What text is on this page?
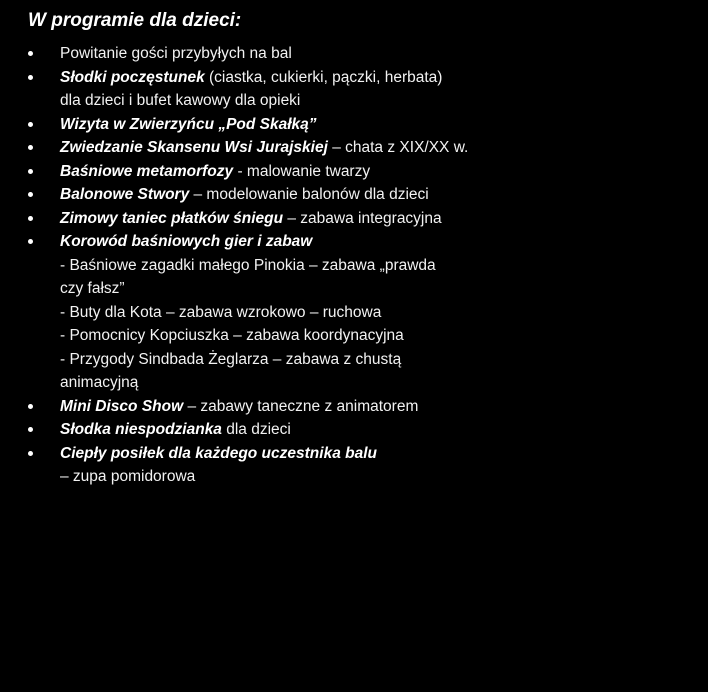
W programie dla dzieci:
Powitanie gości przybyłych na bal
Słodki poczęstunek (ciastka, cukierki, pączki, herbata)
dla dzieci i bufet kawowy dla opieki
Wizyta w Zwierzyńcu „Pod Skałką”
Zwiedzanie Skansenu Wsi Jurajskiej – chata z XIX/XX w.
Baśniowe metamorfozy - malowanie twarzy
Balonowe Stwory – modelowanie balonów dla dzieci
Zimowy taniec płatków śniegu – zabawa integracyjna
Korowód baśniowych gier i zabaw
- Baśniowe zagadki małego Pinokia – zabawa „prawda
czy fałsz”
- Buty dla Kota – zabawa wzrokowo – ruchowa
- Pomocnicy Kopciuszka – zabawa koordynacyjna
- Przygody Sindbada Żeglarza – zabawa z chustą
animacyjną
Mini Disco Show – zabawy taneczne z animatorem
Słodka niespodzianka dla dzieci
Ciepły posiłek dla każdego uczestnika balu
– zupa pomidorowa
